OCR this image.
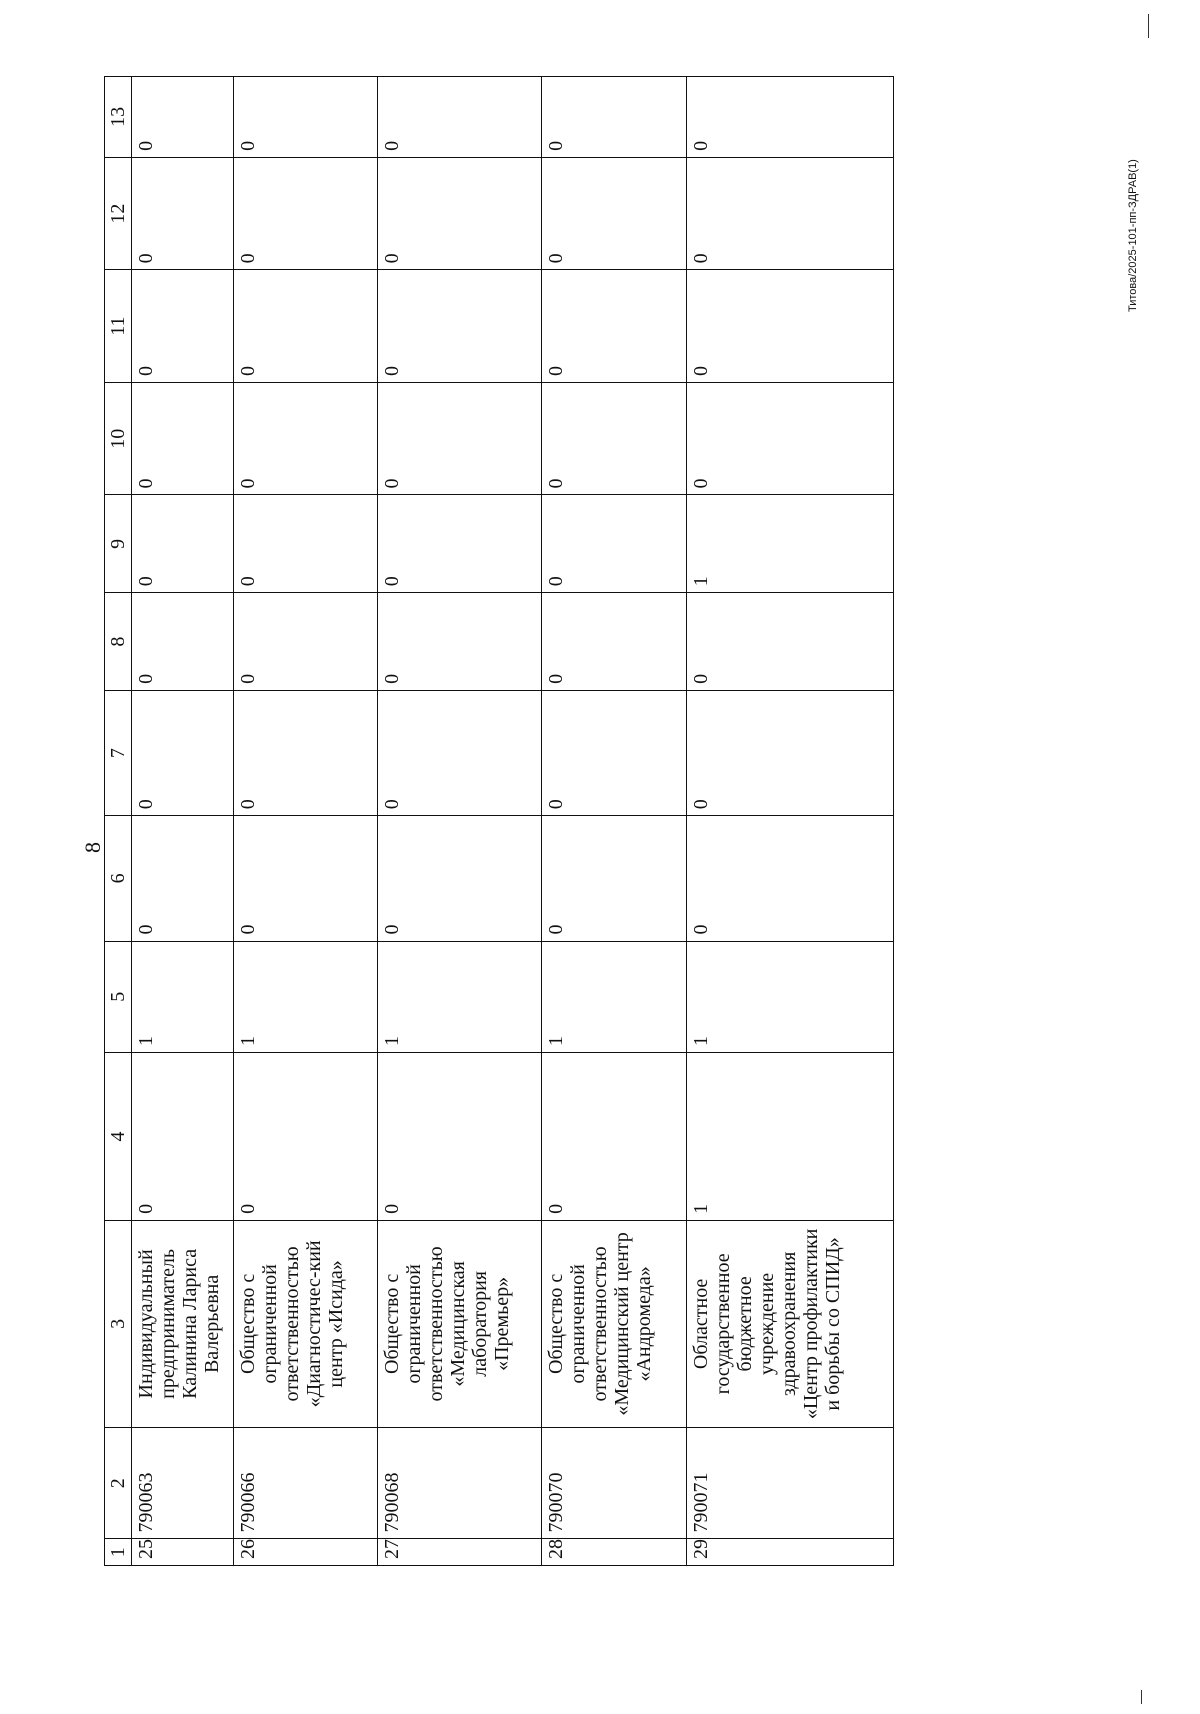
8
1	2	3	4	5	6	7	8	9	10	11	12	13
25	790063	Индивидуальный предприниматель Калинина Лариса Валерьевна	0	1	0	0	0	0	0	0	0	0
26	790066	Общество с ограниченной ответственностью «Диагностичес-кий центр «Исида»	0	1	0	0	0	0	0	0	0	0
27	790068	Общество с ограниченной ответственностью «Медицинская лаборатория «Премьер»	0	1	0	0	0	0	0	0	0	0
28	790070	Общество с ограниченной ответственностью «Медицинский центр «Андромеда»	0	1	0	0	0	0	0	0	0	0
29	790071	Областное государственное бюджетное учреждение здравоохранения «Центр профилактики и борьбы со СПИД»	1	1	0	0	0	1	0	0	0	0
Титова/2025-101-пп-ЗДРАВ(1)
